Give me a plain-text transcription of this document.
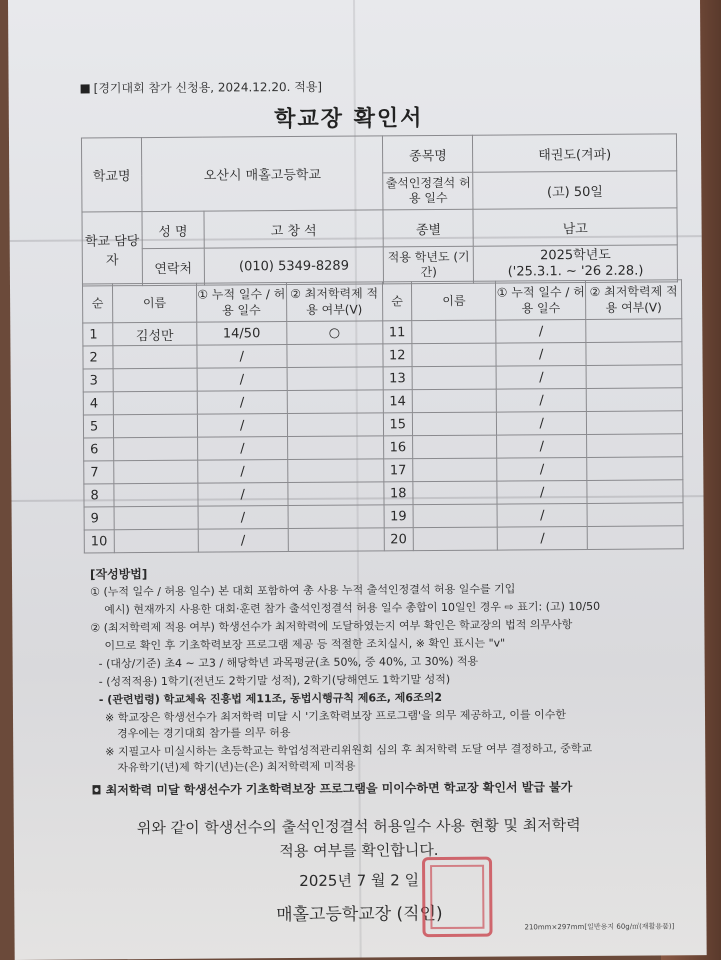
[경기대회 참가 신청용, 2024.12.20. 적용]
학교장 확인서
학교명	오산시 매홀고등학교		종목명	태권도(겨파)
			출석인정결석 허용 일수	(고) 50일
학교 담당자	성 명	고 창 석	종별	남고
	연락처	(010) 5349-8289	적용 학년도 (기간)	2025학년도
('25.3.1. ~ '26 2.28.)
순	이름	① 누적 일수 / 허용 일수	② 최저학력제 적용 여부(V)	순	이름	① 누적 일수 / 허용 일수	② 최저학력제 적용 여부(V)
1	김성만	14/50	○	11		/	
2		/		12		/	
3		/		13		/	
4		/		14		/	
5		/		15		/	
6		/		16		/	
7		/		17		/	
8		/		18		/	
9		/		19		/	
10		/		20		/	
[작성방법]
① (누적 일수 / 허용 일수) 본 대회 포함하여 총 사용 누적 출석인정결석 허용 일수를 기입
예시) 현재까지 사용한 대회·훈련 참가 출석인정결석 허용 일수 총합이 10일인 경우 ⇨ 표기: (고) 10/50
② (최저학력제 적용 여부) 학생선수가 최저학력에 도달하였는지 여부 확인은 학교장의 법적 의무사항
이므로 확인 후 기초학력보장 프로그램 제공 등 적절한 조치실시, ※ 확인 표시는 "v"
- (대상/기준) 초4 ~ 고3 / 해당학년 과목평균(초 50%, 중 40%, 고 30%) 적용
- (성적적용) 1학기(전년도 2학기말 성적), 2학기(당해연도 1학기말 성적)
- (관련법령) 학교체육 진흥법 제11조, 동법시행규칙 제6조, 제6조의2
※ 학교장은 학생선수가 최저학력 미달 시 '기초학력보장 프로그램'을 의무 제공하고, 이를 이수한
경우에는 경기대회 참가를 의무 허용
※ 지필고사 미실시하는 초등학교는 학업성적관리위원회 심의 후 최저학력 도달 여부 결정하고, 중학교
자유학기(년)제 학기(년)는(은) 최저학력제 미적용
◘ 최저학력 미달 학생선수가 기초학력보장 프로그램을 미이수하면 학교장 확인서 발급 불가
위와 같이 학생선수의 출석인정결석 허용일수 사용 현황 및 최저학력
적용 여부를 확인합니다.
2025년 7 월 2 일
매홀고등학교장 (직인)
210mm×297mm[일반용지 60g/㎡(재활용품)]
